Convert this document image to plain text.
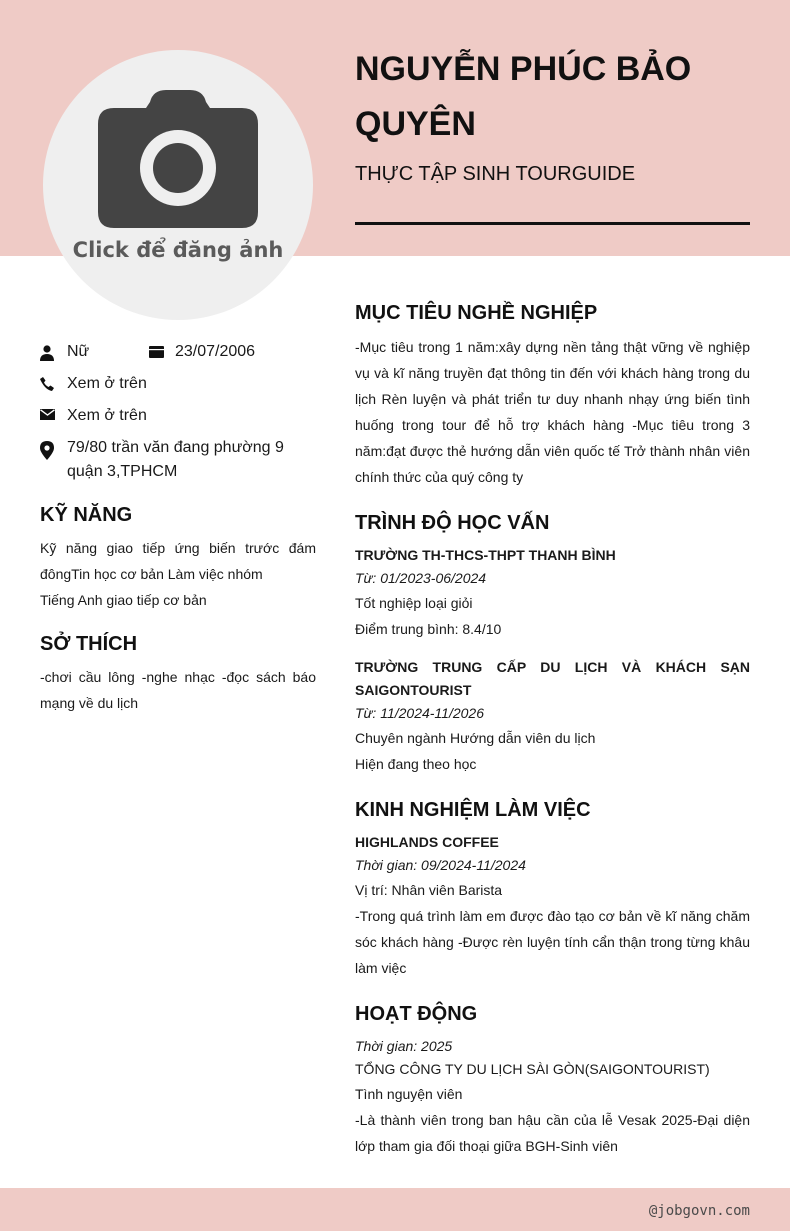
Click để đăng ảnh
NGUYỄN PHÚC BẢO QUYÊN
THỰC TẬP SINH TOURGUIDE
Nữ	23/07/2006
Xem ở trên
Xem ở trên
79/80 trần văn đang phường 9 quận 3,TPHCM
KỸ NĂNG
Kỹ năng giao tiếp ứng biến trước đám đôngTin học cơ bản Làm việc nhóm
Tiếng Anh giao tiếp cơ bản
SỞ THÍCH
-chơi cầu lông -nghe nhạc -đọc sách báo mạng về du lịch
MỤC TIÊU NGHỀ NGHIỆP

-Mục tiêu trong 1 năm:xây dựng nền tảng thật vững về nghiệp vụ và kĩ năng truyền đạt thông tin đến với khách hàng trong du lịch Rèn luyện và phát triển tư duy nhanh nhạy ứng biến tình huống trong tour để hỗ trợ khách hàng -Mục tiêu trong 3 năm:đạt được thẻ hướng dẫn viên quốc tế Trở thành nhân viên chính thức của quý công ty

TRÌNH ĐỘ HỌC VẤN
TRƯỜNG TH-THCS-THPT THANH BÌNH
Từ: 01/2023-06/2024
Tốt nghiệp loại giỏi
Điểm trung bình: 8.4/10
TRƯỜNG TRUNG CẤP DU LỊCH VÀ KHÁCH SẠN SAIGONTOURIST
Từ: 11/2024-11/2026
Chuyên ngành Hướng dẫn viên du lịch
Hiện đang theo học
KINH NGHIỆM LÀM VIỆC
HIGHLANDS COFFEE
Thời gian: 09/2024-11/2024
Vị trí: Nhân viên Barista
-Trong quá trình làm em được đào tạo cơ bản về kĩ năng chăm sóc khách hàng -Được rèn luyện tính cẩn thận trong từng khâu làm việc
HOẠT ĐỘNG
Thời gian: 2025
TỔNG CÔNG TY DU LỊCH SÀI GÒN(SAIGONTOURIST)
Tình nguyện viên
-Là thành viên trong ban hậu cần của lễ Vesak 2025-Đại diện lớp tham gia đối thoại giữa BGH-Sinh viên
@jobgovn.com
